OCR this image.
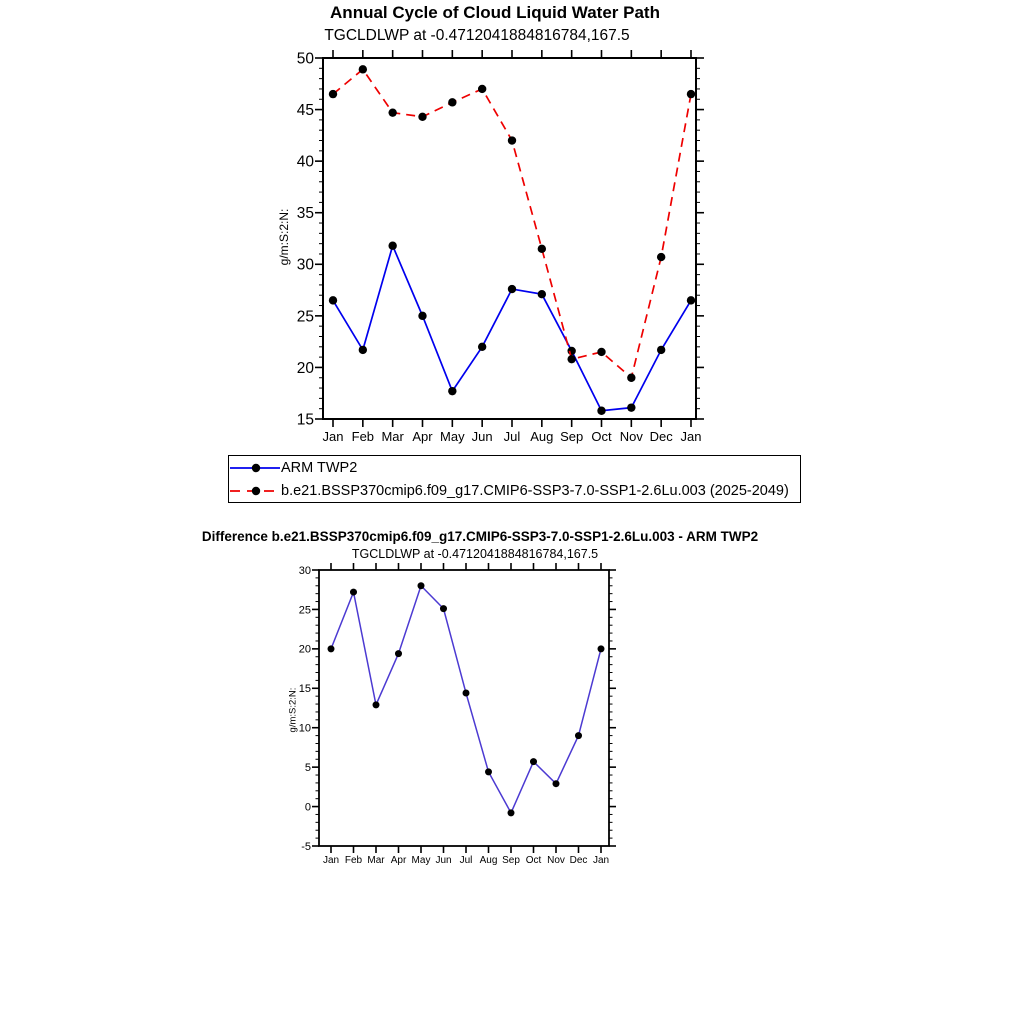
Annual Cycle of Cloud Liquid Water Path
TGCLDLWP at -0.4712041884816784,167.5
g/m:S:2:N:
15
20
25
30
35
40
45
50
Jan Feb Mar Apr May Jun Jul Aug Sep Oct Nov Dec Jan
ARM TWP2
b.e21.BSSP370cmip6.f09_g17.CMIP6-SSP3-7.0-SSP1-2.6Lu.003 (2025-2049)
Difference b.e21.BSSP370cmip6.f09_g17.CMIP6-SSP3-7.0-SSP1-2.6Lu.003 - ARM TWP2
TGCLDLWP at -0.4712041884816784,167.5
g/m:S:2:N:
-5
0
5
10
15
20
25
30
Jan Feb Mar Apr May Jun Jul Aug Sep Oct Nov Dec Jan
